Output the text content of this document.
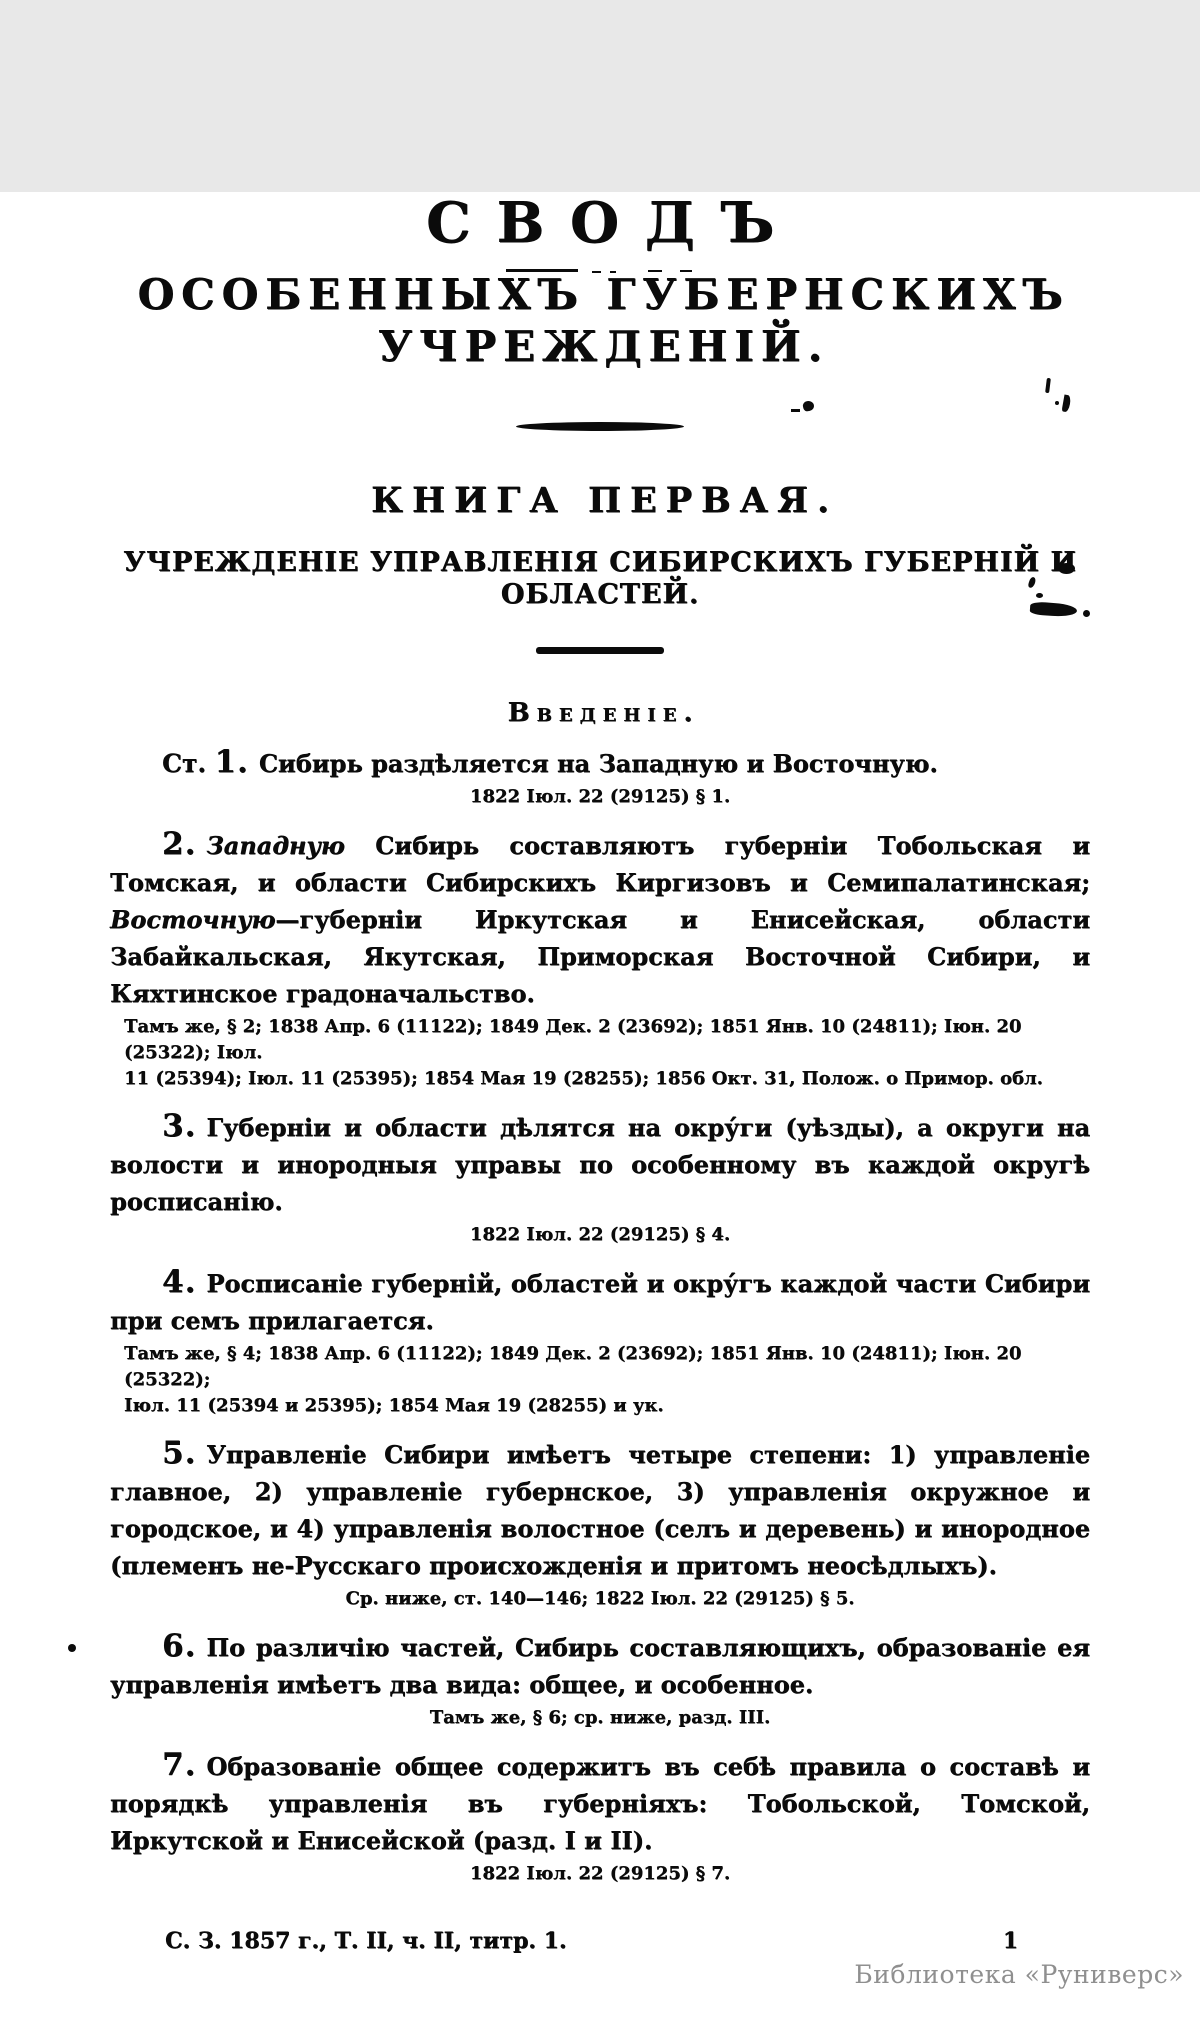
СВОДЪ
ОСОБЕННЫХЪ ГУБЕРНСКИХЪ
УЧРЕЖДЕНІЙ.
КНИГА ПЕРВАЯ.
УЧРЕЖДЕНІЕ УПРАВЛЕНІЯ СИБИРСКИХЪ ГУБЕРНІЙ И ОБЛАСТЕЙ.
Введеніе.

Ст. 1. Сибирь раздѣляется на Западную и Восточную.

1822 Іюл. 22 (29125) § 1.

2. Западную Сибирь составляютъ губерніи Тобольская и Томская, и области Сибирскихъ Киргизовъ и Семипалатинская; Восточную—губерніи Иркутская и Енисейская, области Забайкальская, Якутская, Приморская Восточной Сибири, и Кяхтинское градоначальство.

Тамъ же, § 2; 1838 Апр. 6 (11122); 1849 Дек. 2 (23692); 1851 Янв. 10 (24811); Іюн. 20 (25322); Іюл.
11 (25394); Іюл. 11 (25395); 1854 Мая 19 (28255); 1856 Окт. 31, Полож. о Примор. обл.

3. Губерніи и области дѣлятся на окру́ги (уѣзды), а округи на волости и инородныя управы по особенному въ каждой округѣ росписанію.

1822 Іюл. 22 (29125) § 4.

4. Росписаніе губерній, областей и окру́гъ каждой части Сибири при семъ прилагается.

Тамъ же, § 4; 1838 Апр. 6 (11122); 1849 Дек. 2 (23692); 1851 Янв. 10 (24811); Іюн. 20 (25322);
Іюл. 11 (25394 и 25395); 1854 Мая 19 (28255) и ук.

5. Управленіе Сибири имѣетъ четыре степени: 1) управленіе главное, 2) управленіе губернское, 3) управленія окружное и городское, и 4) управленія волостное (селъ и деревень) и инородное (племенъ не-Русскаго происхожденія и притомъ неосѣдлыхъ).

Ср. ниже, ст. 140—146; 1822 Іюл. 22 (29125) § 5.

6. По различію частей, Сибирь составляющихъ, образованіе ея управленія имѣетъ два вида: общее, и особенное.

Тамъ же, § 6; ср. ниже, разд. III.

7. Образованіе общее содержитъ въ себѣ правила о составѣ и порядкѣ управленія въ губерніяхъ: Тобольской, Томской, Иркутской и Енисейской (разд. I и II).

1822 Іюл. 22 (29125) § 7.
С. З. 1857 г., Т. II, ч. II, титр. 1.	1
Библиотека «Руниверс»
